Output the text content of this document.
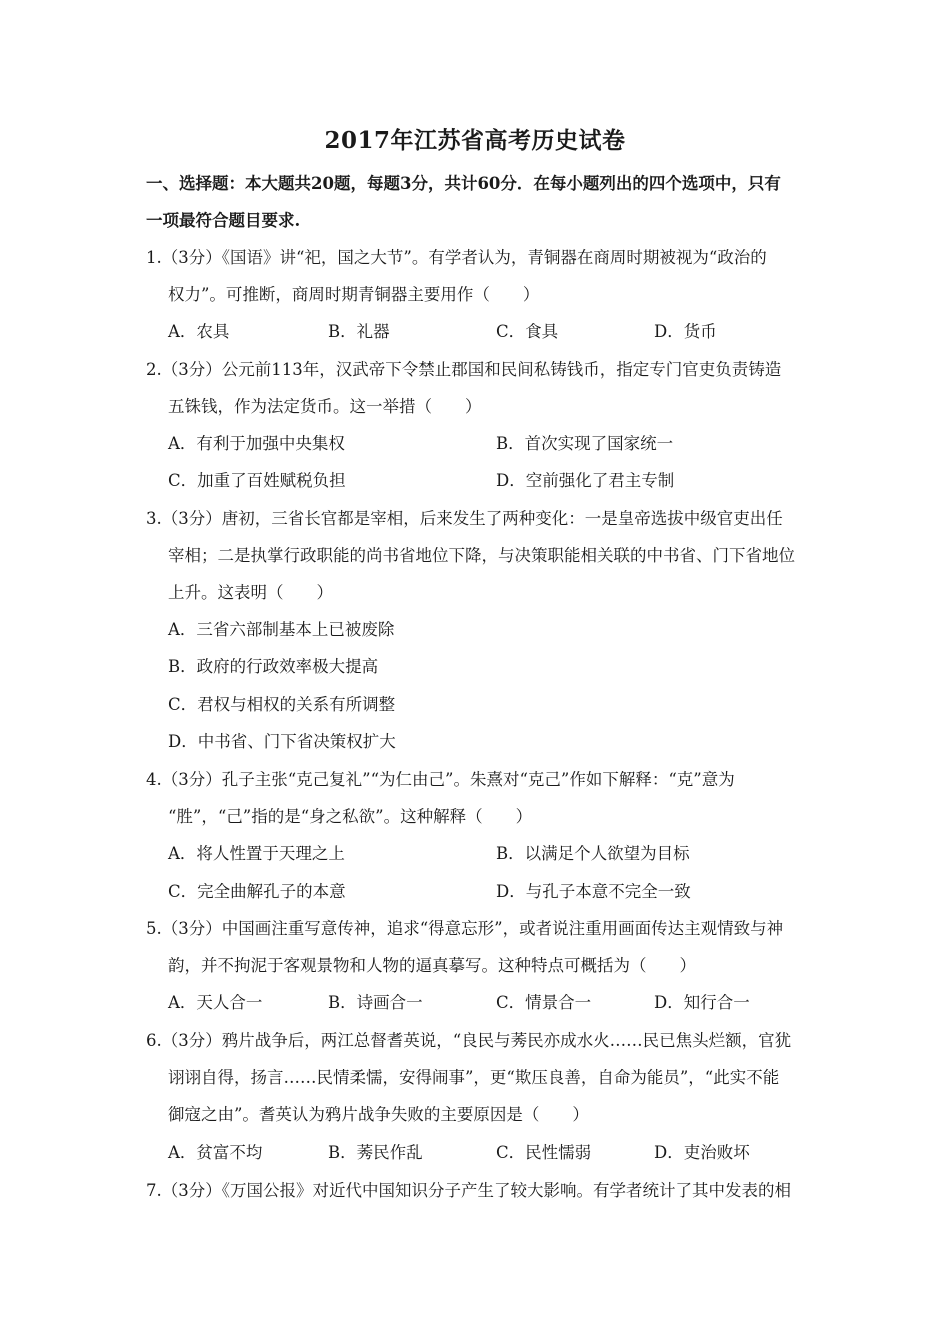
2017年江苏省高考历史试卷
一、选择题：本大题共20题，每题3分，共计60分．在每小题列出的四个选项中，只有
一项最符合题目要求.
1.（3分）《国语》讲“祀，国之大节”。有学者认为，青铜器在商周时期被视为“政治的
权力”。可推断，商周时期青铜器主要用作（　　）
A．农具	B．礼器	C．食具	D．货币
2.（3分）公元前113年，汉武帝下令禁止郡国和民间私铸钱币，指定专门官吏负责铸造
五铢钱，作为法定货币。这一举措（　　）
A．有利于加强中央集权	B．首次实现了国家统一
C．加重了百姓赋税负担	D．空前强化了君主专制
3.（3分）唐初，三省长官都是宰相，后来发生了两种变化：一是皇帝选拔中级官吏出任
宰相；二是执掌行政职能的尚书省地位下降，与决策职能相关联的中书省、门下省地位
上升。这表明（　　）
A．三省六部制基本上已被废除
B．政府的行政效率极大提高
C．君权与相权的关系有所调整
D．中书省、门下省决策权扩大
4.（3分）孔子主张“克己复礼”“为仁由己”。朱熹对“克己”作如下解释：“克”意为
“胜”，“己”指的是“身之私欲”。这种解释（　　）
A．将人性置于天理之上	B．以满足个人欲望为目标
C．完全曲解孔子的本意	D．与孔子本意不完全一致
5.（3分）中国画注重写意传神，追求“得意忘形”，或者说注重用画面传达主观情致与神
韵，并不拘泥于客观景物和人物的逼真摹写。这种特点可概括为（　　）
A．天人合一	B．诗画合一	C．情景合一	D．知行合一
6.（3分）鸦片战争后，两江总督耆英说，“良民与莠民亦成水火……民已焦头烂额，官犹
诩诩自得，扬言……民情柔懦，安得闹事”，更“欺压良善，自命为能员”，“此实不能
御寇之由”。耆英认为鸦片战争失败的主要原因是（　　）
A．贫富不均	B．莠民作乱	C．民性懦弱	D．吏治败坏
7.（3分）《万国公报》对近代中国知识分子产生了较大影响。有学者统计了其中发表的相
